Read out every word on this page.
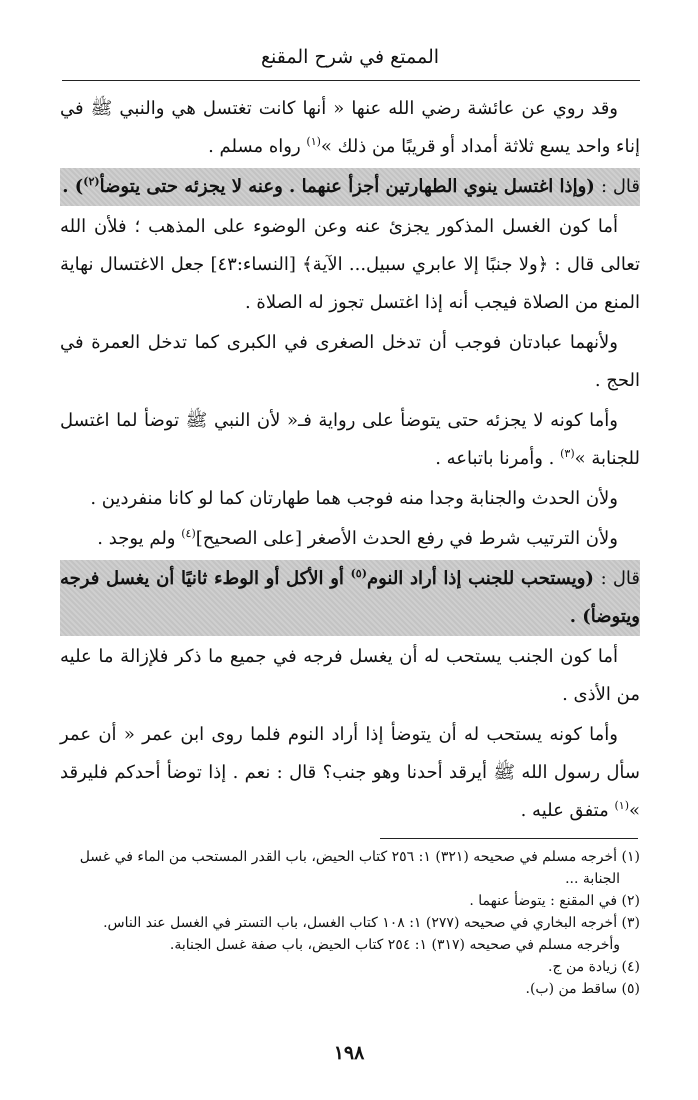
الممتع في شرح المقنع

وقد روي عن عائشة رضي الله عنها « أنها كانت تغتسل هي والنبي ﷺ في إناء واحد يسع ثلاثة أمداد أو قريبًا من ذلك »$^{(١)}$ رواه مسلم .

قال : (وإذا اغتسل ينوي الطهارتين أجزأ عنهما . وعنه لا يجزئه حتى يتوضأ$^{(٢)}$) .

أما كون الغسل المذكور يجزئ عنه وعن الوضوء على المذهب ؛ فلأن الله تعالى قال : ﴿ولا جنبًا إلا عابري سبيل... الآية﴾ [النساء:٤٣] جعل الاغتسال نهاية المنع من الصلاة فيجب أنه إذا اغتسل تجوز له الصلاة .

ولأنهما عبادتان فوجب أن تدخل الصغرى في الكبرى كما تدخل العمرة في الحج .

وأما كونه لا يجزئه حتى يتوضأ على رواية فـ« لأن النبي ﷺ توضأ لما اغتسل للجنابة »$^{(٣)}$ . وأمرنا باتباعه .

ولأن الحدث والجنابة وجدا منه فوجب هما طهارتان كما لو كانا منفردين .

ولأن الترتيب شرط في رفع الحدث الأصغر [على الصحيح]$^{(٤)}$ ولم يوجد .

قال : (ويستحب للجنب إذا أراد النوم$^{(٥)}$ أو الأكل أو الوطء ثانيًا أن يغسل فرجه ويتوضأ) .

أما كون الجنب يستحب له أن يغسل فرجه في جميع ما ذكر فلإزالة ما عليه من الأذى .

وأما كونه يستحب له أن يتوضأ إذا أراد النوم فلما روى ابن عمر « أن عمر سأل رسول الله ﷺ أيرقد أحدنا وهو جنب؟ قال : نعم . إذا توضأ أحدكم فليرقد »$^{(١)}$ متفق عليه .

(١) أخرجه مسلم في صحيحه (٣٢١) ١: ٢٥٦ كتاب الحيض، باب القدر المستحب من الماء في غسل
الجنابة ...
(٢) في المقنع : يتوضأ عنهما .
(٣) أخرجه البخاري في صحيحه (٢٧٧) ١: ١٠٨ كتاب الغسل، باب التستر في الغسل عند الناس.
وأخرجه مسلم في صحيحه (٣١٧) ١: ٢٥٤ كتاب الحيض، باب صفة غسل الجنابة.
(٤) زيادة من ج.
(٥) ساقط من (ب).
١٩٨
